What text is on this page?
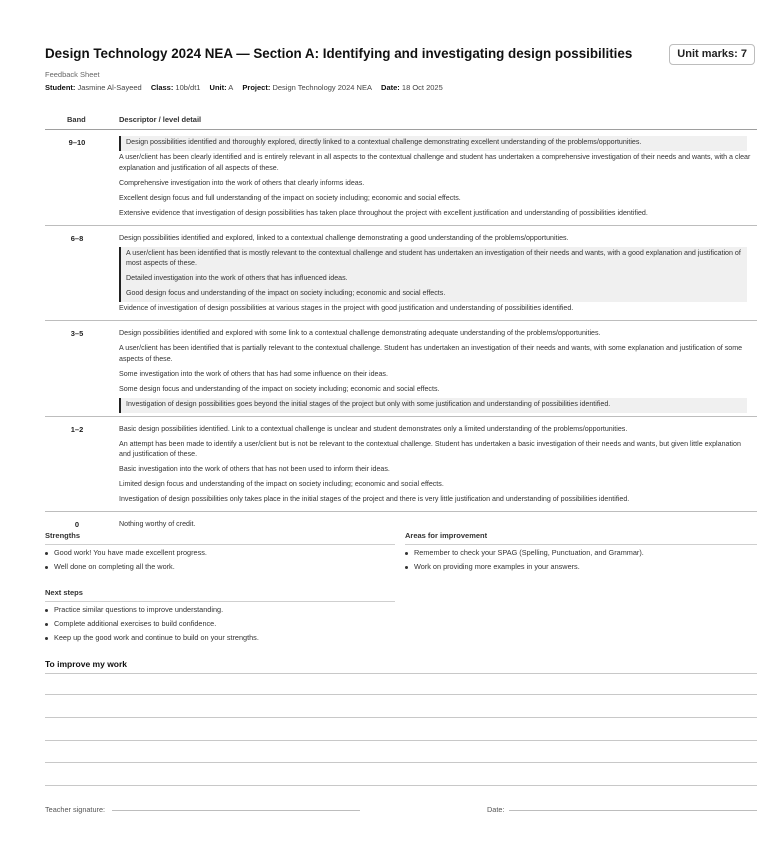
Design Technology 2024 NEA — Section A: Identifying and investigating design possibilities	Unit marks: 7
Feedback Sheet
Student: Jasmine Al-Sayeed Class: 10b/dt1 Unit: A Project: Design Technology 2024 NEA Date: 18 Oct 2025
Band	Descriptor / level detail
9–10	Design possibilities identified and thoroughly explored, directly linked to a contextual challenge demonstrating excellent understanding of the problems/opportunities.
A user/client has been clearly identified and is entirely relevant in all aspects to the contextual challenge and student has undertaken a comprehensive investigation of their needs and wants, with a clear explanation and justification of all aspects of these.
Comprehensive investigation into the work of others that clearly informs ideas.
Excellent design focus and full understanding of the impact on society including; economic and social effects.
Extensive evidence that investigation of design possibilities has taken place throughout the project with excellent justification and understanding of possibilities identified.
6–8	Design possibilities identified and explored, linked to a contextual challenge demonstrating a good understanding of the problems/opportunities.
A user/client has been identified that is mostly relevant to the contextual challenge and student has undertaken an investigation of their needs and wants, with a good explanation and justification of most aspects of these.
Detailed investigation into the work of others that has influenced ideas.
Good design focus and understanding of the impact on society including; economic and social effects.
Evidence of investigation of design possibilities at various stages in the project with good justification and understanding of possibilities identified.
3–5	Design possibilities identified and explored with some link to a contextual challenge demonstrating adequate understanding of the problems/opportunities.
A user/client has been identified that is partially relevant to the contextual challenge. Student has undertaken an investigation of their needs and wants, with some explanation and justification of some aspects of these.
Some investigation into the work of others that has had some influence on their ideas.
Some design focus and understanding of the impact on society including; economic and social effects.
Investigation of design possibilities goes beyond the initial stages of the project but only with some justification and understanding of possibilities identified.
1–2	Basic design possibilities identified. Link to a contextual challenge is unclear and student demonstrates only a limited understanding of the problems/opportunities.
An attempt has been made to identify a user/client but is not be relevant to the contextual challenge. Student has undertaken a basic investigation of their needs and wants, but given little explanation and justification of these.
Basic investigation into the work of others that has not been used to inform their ideas.
Limited design focus and understanding of the impact on society including; economic and social effects.
Investigation of design possibilities only takes place in the initial stages of the project and there is very little justification and understanding of possibilities identified.
0	Nothing worthy of credit.
Strengths
Good work! You have made excellent progress.
Well done on completing all the work.
Areas for improvement
Remember to check your SPAG (Spelling, Punctuation, and Grammar).
Work on providing more examples in your answers.
Next steps
Practice similar questions to improve understanding.
Complete additional exercises to build confidence.
Keep up the good work and continue to build on your strengths.
To improve my work
Teacher signature:	Date:
